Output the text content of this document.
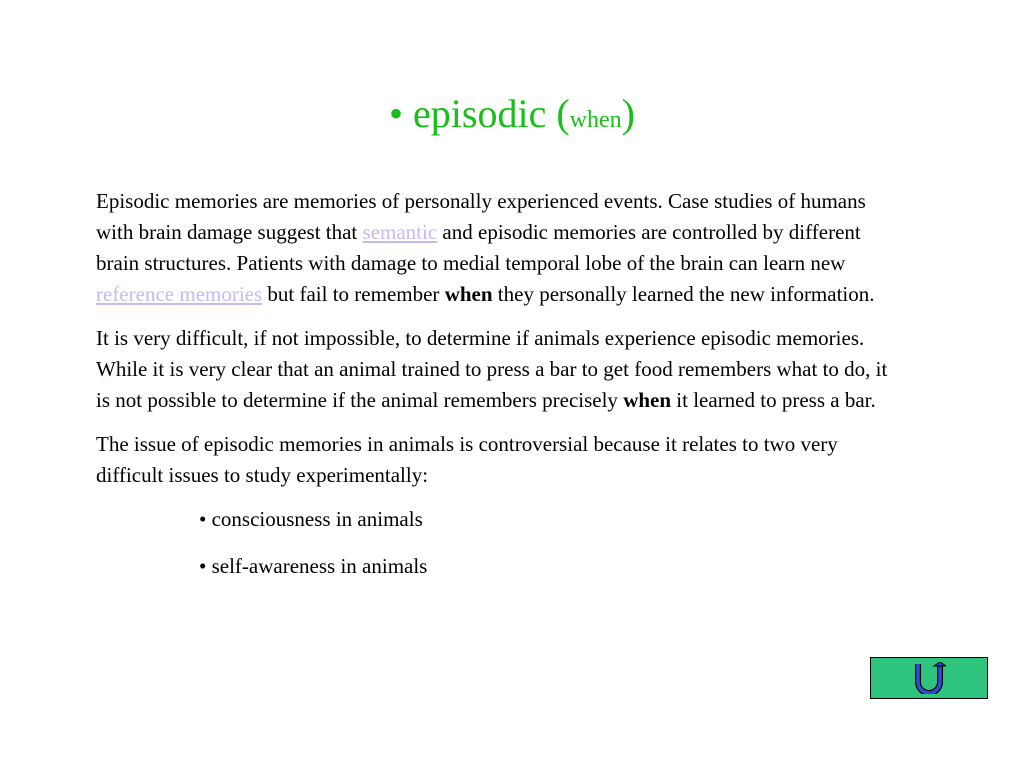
• episodic (when)

Episodic memories are memories of personally experienced events. Case studies of humans with brain damage suggest that semantic and episodic memories are controlled by different brain structures. Patients with damage to medial temporal lobe of the brain can learn new reference memories but fail to remember when they personally learned the new information.

It is very difficult, if not impossible, to determine if animals experience episodic memories. While it is very clear that an animal trained to press a bar to get food remembers what to do, it is not possible to determine if the animal remembers precisely when it learned to press a bar.

The issue of episodic memories in animals is controversial because it relates to two very difficult issues to study experimentally:

• consciousness in animals
• self-awareness in animals
